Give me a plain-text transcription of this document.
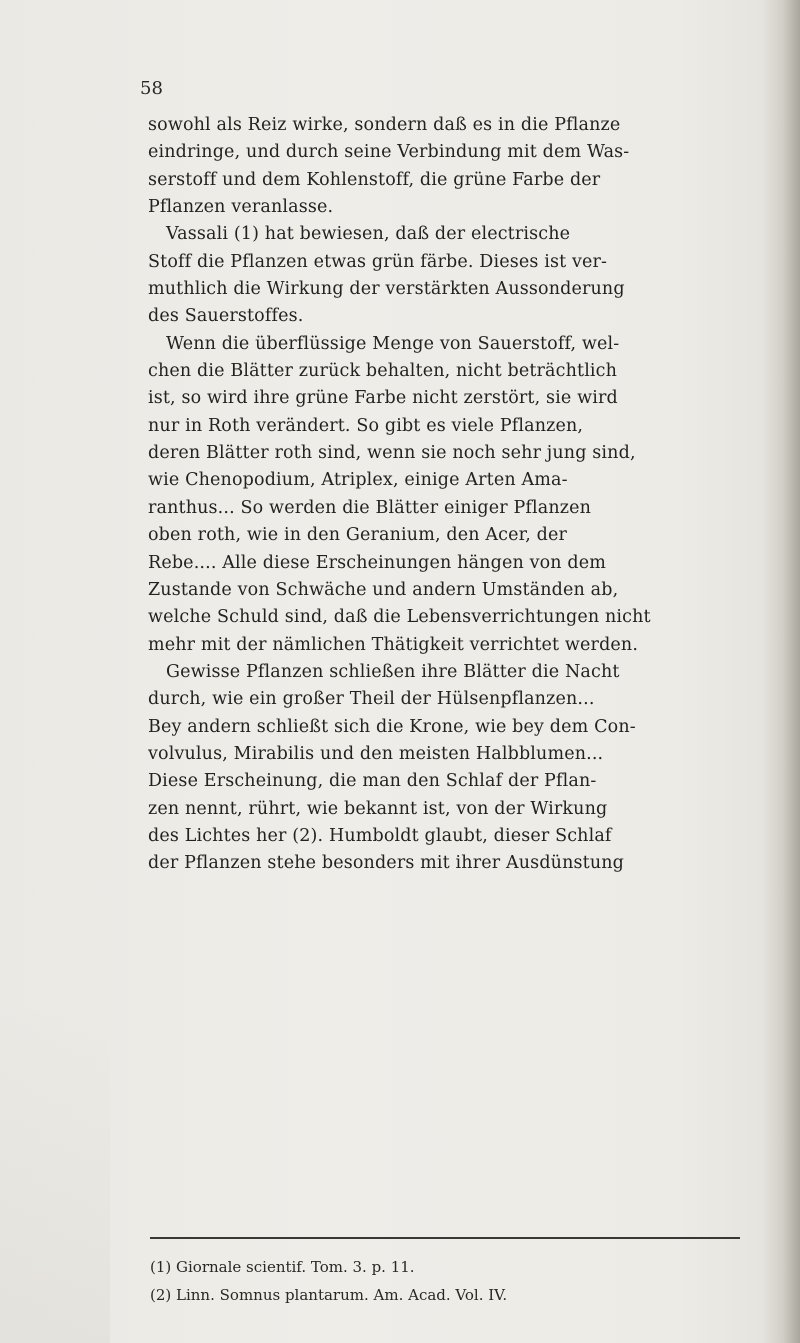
58
sowohl als Reiz wirke, sondern daß es in die Pflanze
eindringe, und durch seine Verbindung mit dem Was-
serstoff und dem Kohlenstoff, die grüne Farbe der
Pflanzen veranlasse.
Vassali (1) hat bewiesen, daß der electrische
Stoff die Pflanzen etwas grün färbe. Dieses ist ver-
muthlich die Wirkung der verstärkten Aussonderung
des Sauerstoffes.
Wenn die überflüssige Menge von Sauerstoff, wel-
chen die Blätter zurück behalten, nicht beträchtlich
ist, so wird ihre grüne Farbe nicht zerstört, sie wird
nur in Roth verändert. So gibt es viele Pflanzen,
deren Blätter roth sind, wenn sie noch sehr jung sind,
wie Chenopodium, Atriplex, einige Arten Ama-
ranthus... So werden die Blätter einiger Pflanzen
oben roth, wie in den Geranium, den Acer, der
Rebe.... Alle diese Erscheinungen hängen von dem
Zustande von Schwäche und andern Umständen ab,
welche Schuld sind, daß die Lebensverrichtungen nicht
mehr mit der nämlichen Thätigkeit verrichtet werden.
Gewisse Pflanzen schließen ihre Blätter die Nacht
durch, wie ein großer Theil der Hülsenpflanzen...
Bey andern schließt sich die Krone, wie bey dem Con-
volvulus, Mirabilis und den meisten Halbblumen...
Diese Erscheinung, die man den Schlaf der Pflan-
zen nennt, rührt, wie bekannt ist, von der Wirkung
des Lichtes her (2). Humboldt glaubt, dieser Schlaf
der Pflanzen stehe besonders mit ihrer Ausdünstung
(1) Giornale scientif. Tom. 3. p. 11.
(2) Linn. Somnus plantarum. Am. Acad. Vol. IV.
